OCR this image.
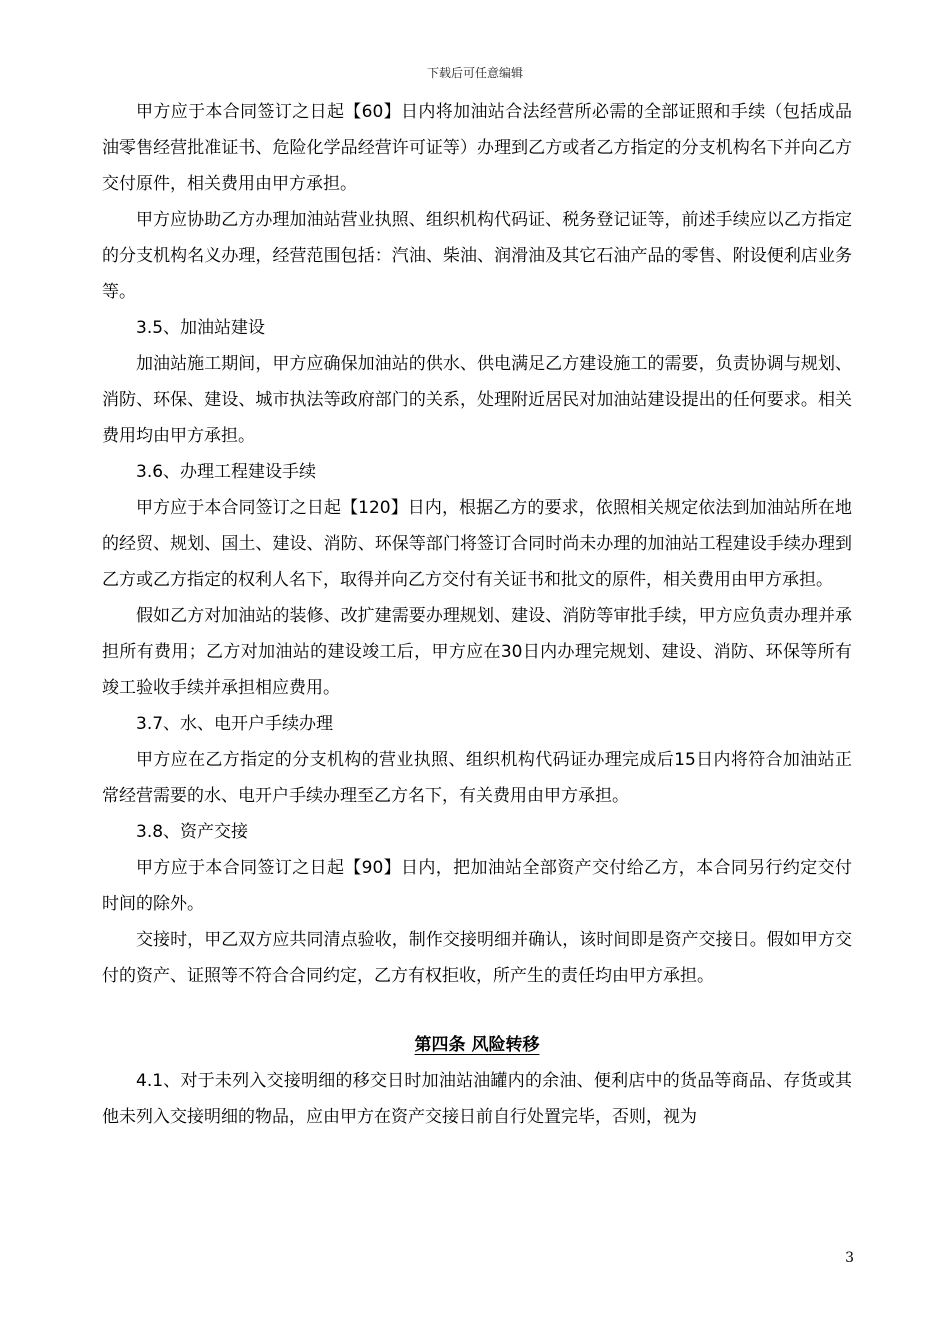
下载后可任意编辑

甲方应于本合同签订之日起【60】日内将加油站合法经营所必需的全部证照和手续（包括成品油零售经营批准证书、危险化学品经营许可证等）办理到乙方或者乙方指定的分支机构名下并向乙方交付原件，相关费用由甲方承担。

甲方应协助乙方办理加油站营业执照、组织机构代码证、税务登记证等，前述手续应以乙方指定的分支机构名义办理，经营范围包括：汽油、柴油、润滑油及其它石油产品的零售、附设便利店业务等。

3.5、加油站建设

加油站施工期间，甲方应确保加油站的供水、供电满足乙方建设施工的需要，负责协调与规划、消防、环保、建设、城市执法等政府部门的关系，处理附近居民对加油站建设提出的任何要求。相关费用均由甲方承担。

3.6、办理工程建设手续

甲方应于本合同签订之日起【120】日内，根据乙方的要求，依照相关规定依法到加油站所在地的经贸、规划、国土、建设、消防、环保等部门将签订合同时尚未办理的加油站工程建设手续办理到乙方或乙方指定的权利人名下，取得并向乙方交付有关证书和批文的原件，相关费用由甲方承担。

假如乙方对加油站的装修、改扩建需要办理规划、建设、消防等审批手续，甲方应负责办理并承担所有费用；乙方对加油站的建设竣工后，甲方应在30日内办理完规划、建设、消防、环保等所有竣工验收手续并承担相应费用。

3.7、水、电开户手续办理

甲方应在乙方指定的分支机构的营业执照、组织机构代码证办理完成后15日内将符合加油站正常经营需要的水、电开户手续办理至乙方名下，有关费用由甲方承担。

3.8、资产交接

甲方应于本合同签订之日起【90】日内，把加油站全部资产交付给乙方，本合同另行约定交付时间的除外。

交接时，甲乙双方应共同清点验收，制作交接明细并确认，该时间即是资产交接日。假如甲方交付的资产、证照等不符合合同约定，乙方有权拒收，所产生的责任均由甲方承担。

第四条 风险转移

4.1、对于未列入交接明细的移交日时加油站油罐内的余油、便利店中的货品等商品、存货或其他未列入交接明细的物品，应由甲方在资产交接日前自行处置完毕，否则，视为

3
